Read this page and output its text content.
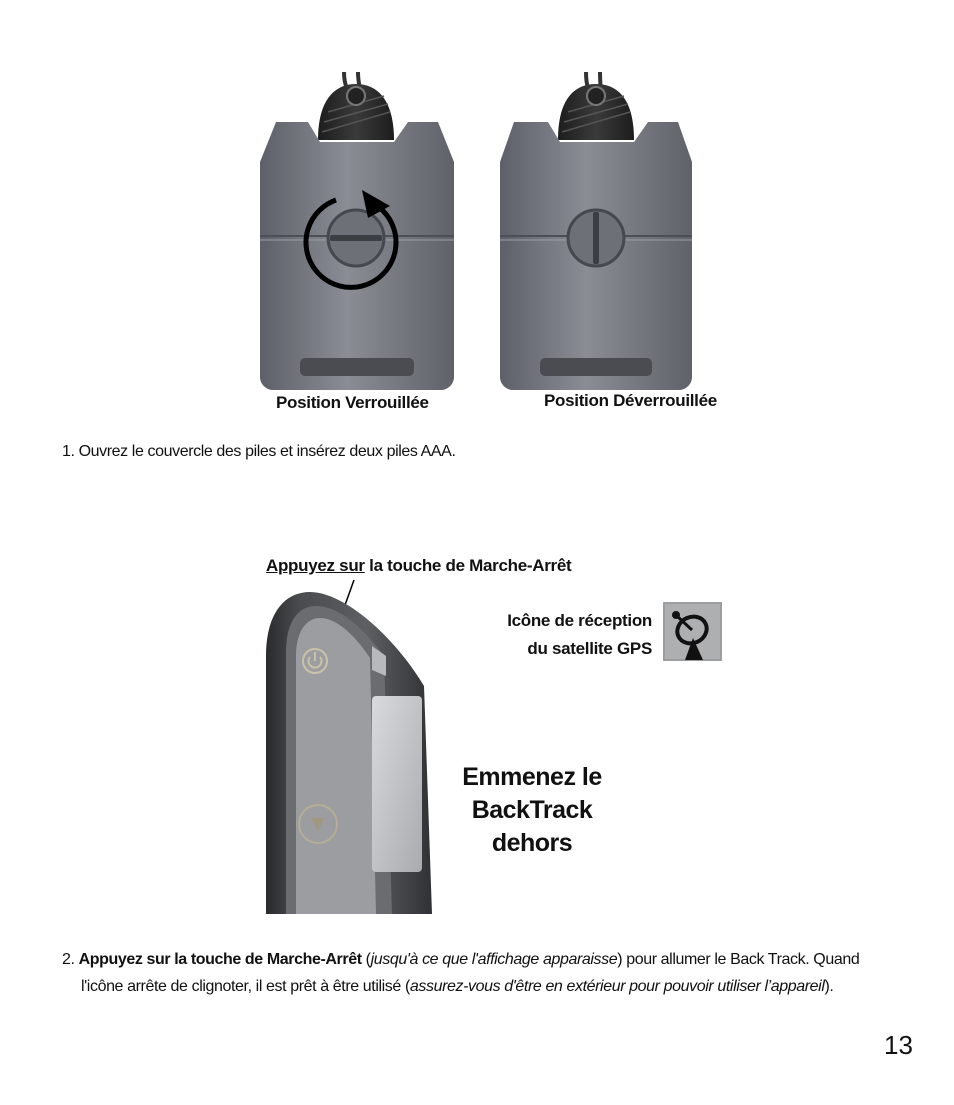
Position Verrouillée	Position Déverrouillée
1. Ouvrez le couvercle des piles et insérez deux piles AAA.
Appuyez sur la touche de Marche-Arrêt
Icône de réception
du satellite GPS
Emmenez le
BackTrack
dehors
2. Appuyez sur la touche de Marche-Arrêt (jusqu'à ce que l'affichage apparaisse) pour allumer le Back Track. Quand
l'icône arrête de clignoter, il est prêt à être utilisé (assurez-vous d'être en extérieur pour pouvoir utiliser l’appareil).
13
